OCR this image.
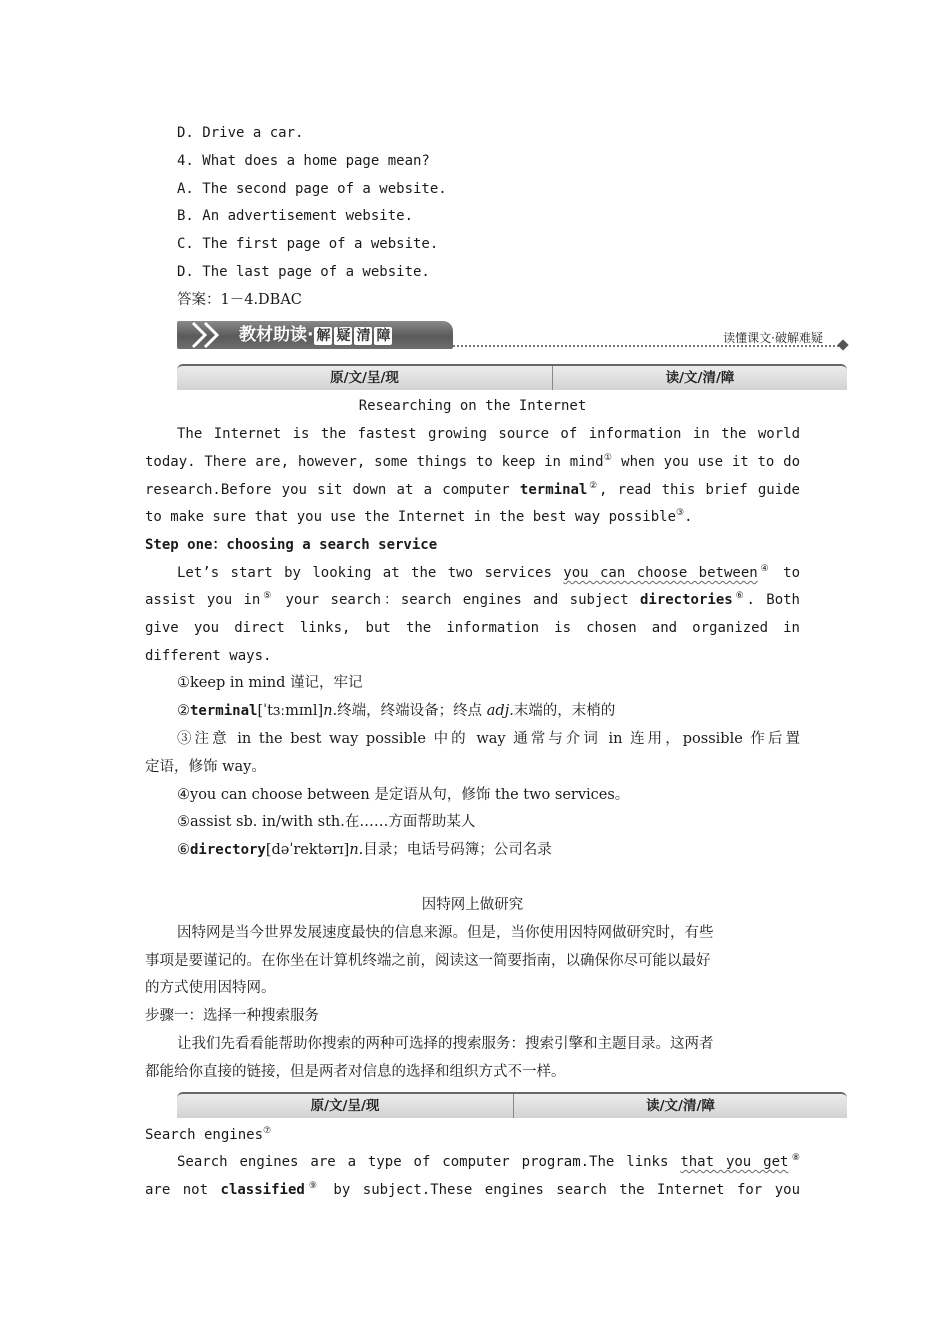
D. Drive a car.
4. What does a home page mean?
A. The second page of a website.
B. An advertisement website.
C. The first page of a website.
D. The last page of a website.
答案：1－4.DBAC
教材助读· 解 疑 清 障	读懂课文·破解难疑
原/文/呈/现	读/文/清/障
Researching on the Internet
The Internet is the fastest growing source of information in the world
today. There are, however, some things to keep in mind① when you use it to do
research.Before you sit down at a computer terminal②, read this brief guide
to make sure that you use the Internet in the best way possible③.
Step one：choosing a search service
Let’s start by looking at the two services you can choose between④ to
assist you in⑤ your search：search engines and subject directories⑥. Both
give you direct links, but the information is chosen and organized in
different ways.
①keep in mind 谨记，牢记
②terminal[ˈtɜːmɪnl]n.终端，终端设备；终点 adj.末端的，末梢的
③注意 in the best way possible 中的 way 通常与介词 in 连用，possible 作后置
定语，修饰 way。
④you can choose between 是定语从句，修饰 the two services。
⑤assist sb. in/with sth.在……方面帮助某人
⑥directory[dəˈrektərɪ]n.目录；电话号码簿；公司名录
因特网上做研究
因特网是当今世界发展速度最快的信息来源。但是，当你使用因特网做研究时，有些
事项是要谨记的。在你坐在计算机终端之前，阅读这一简要指南，以确保你尽可能以最好
的方式使用因特网。
步骤一：选择一种搜索服务
让我们先看看能帮助你搜索的两种可选择的搜索服务：搜索引擎和主题目录。这两者
都能给你直接的链接，但是两者对信息的选择和组织方式不一样。
原/文/呈/现	读/文/清/障
Search engines⑦
Search engines are a type of computer program.The links that you get⑧
are not classified⑨ by subject.These engines search the Internet for you
